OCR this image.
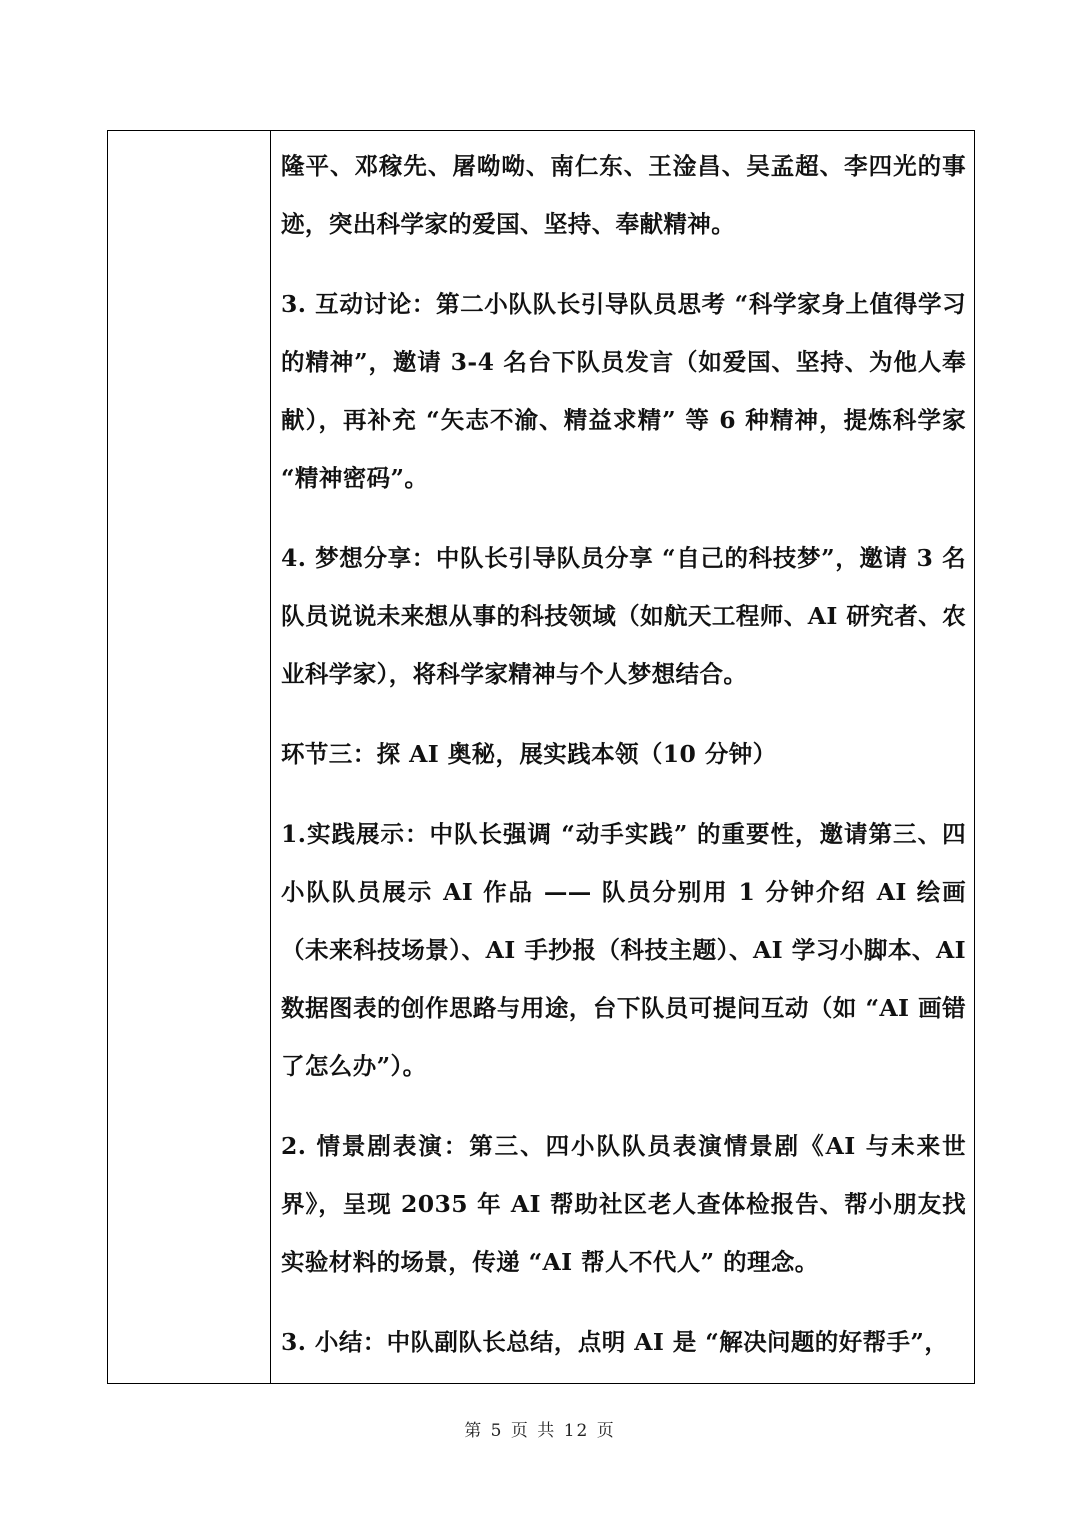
隆平、邓稼先、屠呦呦、南仁东、王淦昌、吴孟超、李四光的事迹，突出科学家的爱国、坚持、奉献精神。

3. 互动讨论：第二小队队长引导队员思考 “科学家身上值得学习的精神”，邀请 3-4 名台下队员发言（如爱国、坚持、为他人奉献），再补充 “矢志不渝、精益求精” 等 6 种精神，提炼科学家 “精神密码”。

4. 梦想分享：中队长引导队员分享 “自己的科技梦”，邀请 3 名队员说说未来想从事的科技领域（如航天工程师、AI 研究者、农业科学家），将科学家精神与个人梦想结合。

环节三：探 AI 奥秘，展实践本领（10 分钟）

1.实践展示：中队长强调 “动手实践” 的重要性，邀请第三、四小队队员展示 AI 作品 —— 队员分别用 1 分钟介绍 AI 绘画（未来科技场景）、AI 手抄报（科技主题）、AI 学习小脚本、AI 数据图表的创作思路与用途，台下队员可提问互动（如 “AI 画错了怎么办”）。

2. 情景剧表演：第三、四小队队员表演情景剧《AI 与未来世界》，呈现 2035 年 AI 帮助社区老人查体检报告、帮小朋友找实验材料的场景，传递 “AI 帮人不代人” 的理念。

3. 小结：中队副队长总结，点明 AI 是 “解决问题的好帮手”，

第 5 页 共 12 页
